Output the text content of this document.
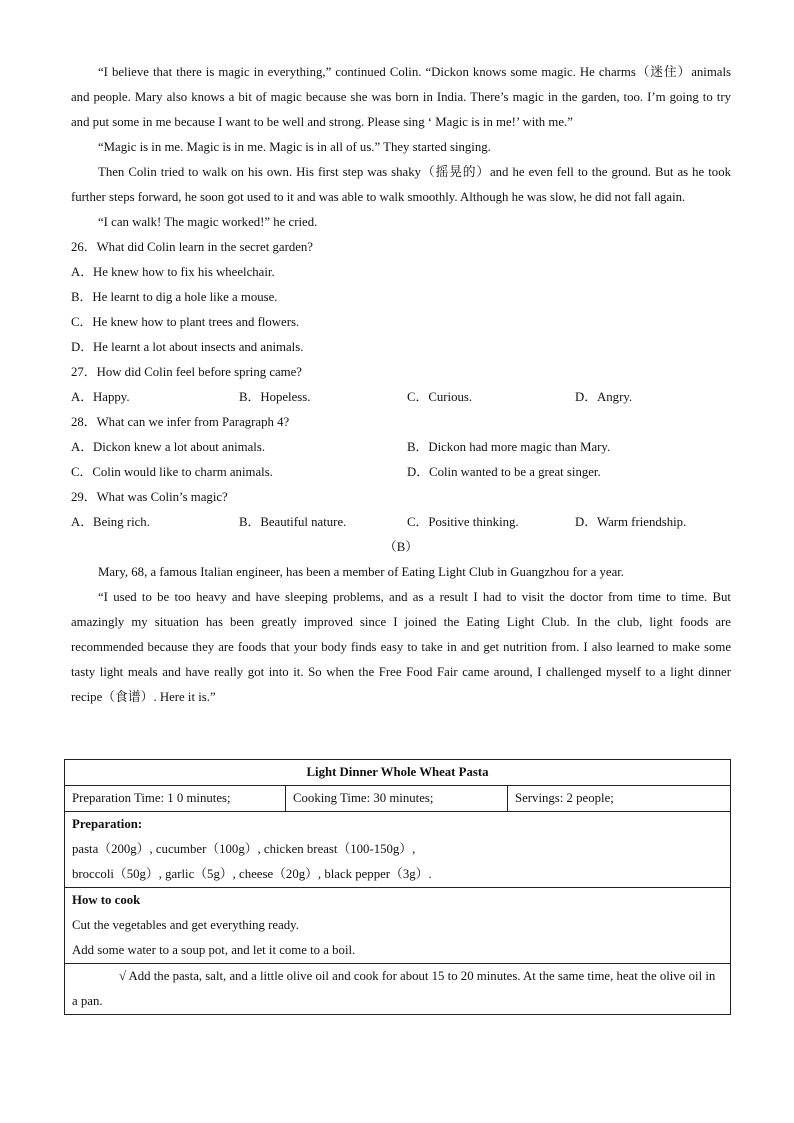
“I believe that there is magic in everything,” continued Colin. “Dickon knows some magic. He charms（迷住）animals and people. Mary also knows a bit of magic because she was born in India. There’s magic in the garden, too. I’m going to try and put some in me because I want to be well and strong. Please sing ‘ Magic is in me!’ with me.”

“Magic is in me. Magic is in me. Magic is in all of us.” They started singing.

Then Colin tried to walk on his own. His first step was shaky（摇晃的）and he even fell to the ground. But as he took further steps forward, he soon got used to it and was able to walk smoothly. Although he was slow, he did not fall again.

“I can walk! The magic worked!” he cried.

26．What did Colin learn in the secret garden?
A．He knew how to fix his wheelchair.
B．He learnt to dig a hole like a mouse.
C．He knew how to plant trees and flowers.
D．He learnt a lot about insects and animals.
27．How did Colin feel before spring came?
A．Happy.	B．Hopeless.	C．Curious.	D．Angry.
28．What can we infer from Paragraph 4?
A．Dickon knew a lot about animals.	B．Dickon had more magic than Mary.
C．Colin would like to charm animals.	D．Colin wanted to be a great singer.
29．What was Colin’s magic?
A．Being rich.	B．Beautiful nature.	C．Positive thinking.	D．Warm friendship.
（B）

Mary, 68, a famous Italian engineer, has been a member of Eating Light Club in Guangzhou for a year.

“I used to be too heavy and have sleeping problems, and as a result I had to visit the doctor from time to time. But amazingly my situation has been greatly improved since I joined the Eating Light Club. In the club, light foods are recommended because they are foods that your body finds easy to take in and get nutrition from. I also learned to make some tasty light meals and have really got into it. So when the Free Food Fair came around, I challenged myself to a light dinner recipe（食谱）. Here it is.”

Light Dinner Whole Wheat Pasta
Preparation Time: 1 0 minutes;	Cooking Time: 30 minutes;	Servings: 2 people;

Preparation:
pasta（200g）, cucumber（100g）, chicken breast（100-150g）,
broccoli（50g）, garlic（5g）, cheese（20g）, black pepper（3g）.

How to cook
Cut the vegetables and get everything ready.
Add some water to a soup pot, and let it come to a boil.

√ Add the pasta, salt, and a little olive oil and cook for about 15 to 20 minutes. At the same time, heat the olive oil in a pan.
